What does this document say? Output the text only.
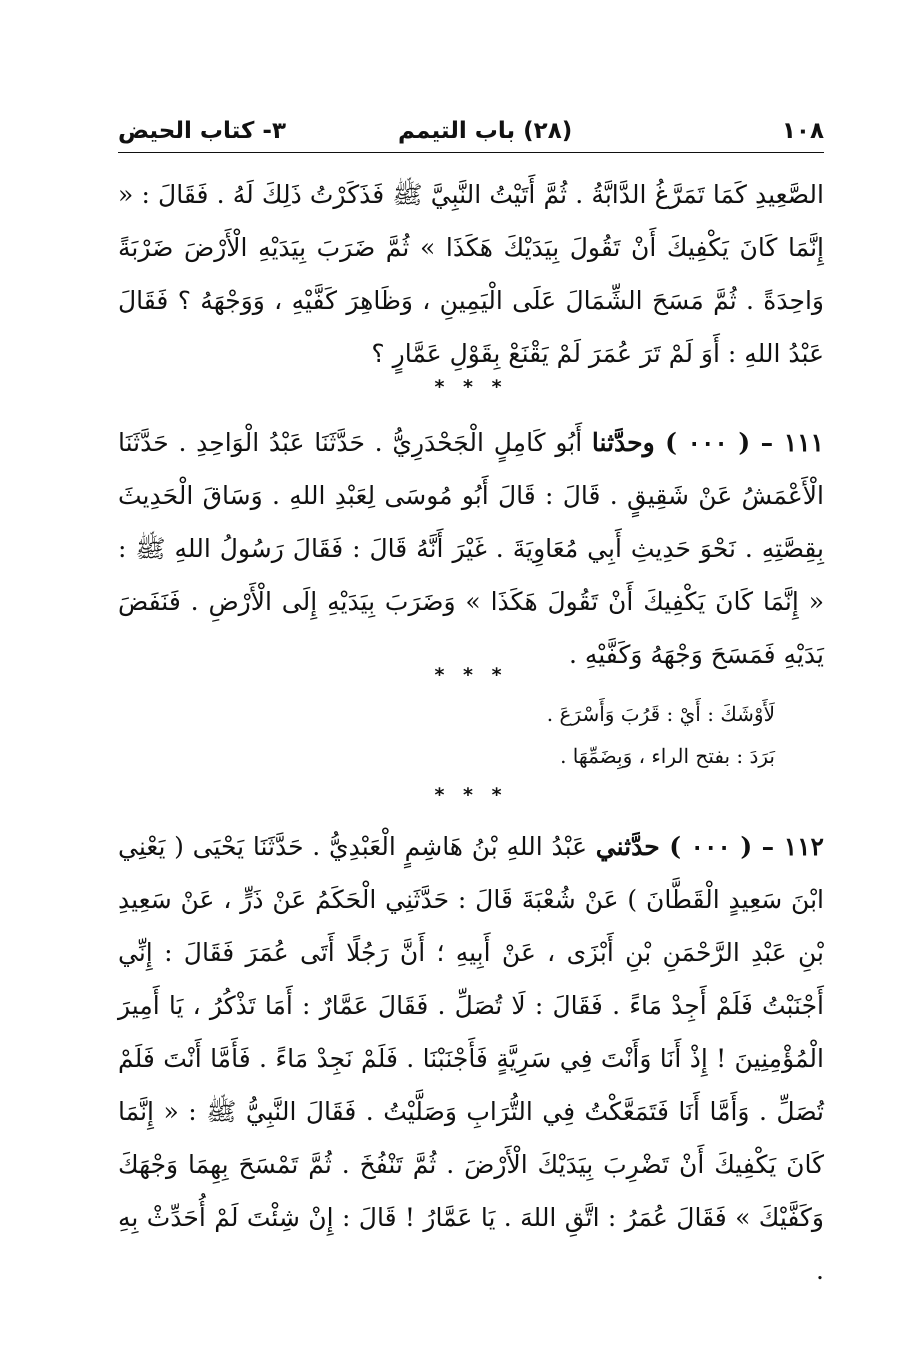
١٠٨
(٢٨) باب التيمم
٣- كتاب الحيض

الصَّعِيدِ كَمَا تَمَرَّغُ الدَّابَّةُ . ثُمَّ أَتَيْتُ النَّبِيَّ ﷺ فَذَكَرْتُ ذَلِكَ لَهُ . فَقَالَ : « إِنَّمَا كَانَ يَكْفِيكَ أَنْ تَقُولَ بِيَدَيْكَ هَكَذَا » ثُمَّ ضَرَبَ بِيَدَيْهِ الْأَرْضَ ضَرْبَةً وَاحِدَةً . ثُمَّ مَسَحَ الشِّمَالَ عَلَى الْيَمِينِ ، وَظَاهِرَ كَفَّيْهِ ، وَوَجْهَهُ ؟ فَقَالَ عَبْدُ اللهِ : أَوَ لَمْ تَرَ عُمَرَ لَمْ يَقْنَعْ بِقَوْلِ عَمَّارٍ ؟

* * *

١١١ – ( ٠٠٠ ) وحدَّثنا أَبُو كَامِلٍ الْجَحْدَرِيُّ . حَدَّثَنَا عَبْدُ الْوَاحِدِ . حَدَّثَنَا الْأَعْمَشُ عَنْ شَقِيقٍ . قَالَ : قَالَ أَبُو مُوسَى لِعَبْدِ اللهِ . وَسَاقَ الْحَدِيثَ بِقِصَّتِهِ . نَحْوَ حَدِيثِ أَبِي مُعَاوِيَةَ . غَيْرَ أَنَّهُ قَالَ : فَقَالَ رَسُولُ اللهِ ﷺ : « إِنَّمَا كَانَ يَكْفِيكَ أَنْ تَقُولَ هَكَذَا » وَضَرَبَ بِيَدَيْهِ إِلَى الْأَرْضِ . فَنَفَضَ يَدَيْهِ فَمَسَحَ وَجْهَهُ وَكَفَّيْهِ .

* * *

لَأَوْشَكَ : أَيْ : قَرُبَ وَأَسْرَعَ .

بَرَدَ : بفتح الراء ، وَبِضَمِّهَا .

* * *

١١٢ – ( ٠٠٠ ) حدَّثني عَبْدُ اللهِ بْنُ هَاشِمٍ الْعَبْدِيُّ . حَدَّثَنَا يَحْيَى ( يَعْنِي ابْنَ سَعِيدٍ الْقَطَّانَ ) عَنْ شُعْبَةَ قَالَ : حَدَّثَنِي الْحَكَمُ عَنْ ذَرٍّ ، عَنْ سَعِيدِ بْنِ عَبْدِ الرَّحْمَنِ بْنِ أَبْزَى ، عَنْ أَبِيهِ ؛ أَنَّ رَجُلًا أَتَى عُمَرَ فَقَالَ : إِنِّي أَجْنَبْتُ فَلَمْ أَجِدْ مَاءً . فَقَالَ : لَا تُصَلِّ . فَقَالَ عَمَّارٌ : أَمَا تَذْكُرُ ، يَا أَمِيرَ الْمُؤْمِنِينَ ! إِذْ أَنَا وَأَنْتَ فِي سَرِيَّةٍ فَأَجْنَبْنَا . فَلَمْ نَجِدْ مَاءً . فَأَمَّا أَنْتَ فَلَمْ تُصَلِّ . وَأَمَّا أَنَا فَتَمَعَّكْتُ فِي التُّرَابِ وَصَلَّيْتُ . فَقَالَ النَّبِيُّ ﷺ : « إِنَّمَا كَانَ يَكْفِيكَ أَنْ تَضْرِبَ بِيَدَيْكَ الْأَرْضَ . ثُمَّ تَنْفُخَ . ثُمَّ تَمْسَحَ بِهِمَا وَجْهَكَ وَكَفَّيْكَ » فَقَالَ عُمَرُ : اتَّقِ اللهَ . يَا عَمَّارُ ! قَالَ : إِنْ شِئْتَ لَمْ أُحَدِّثْ بِهِ .
